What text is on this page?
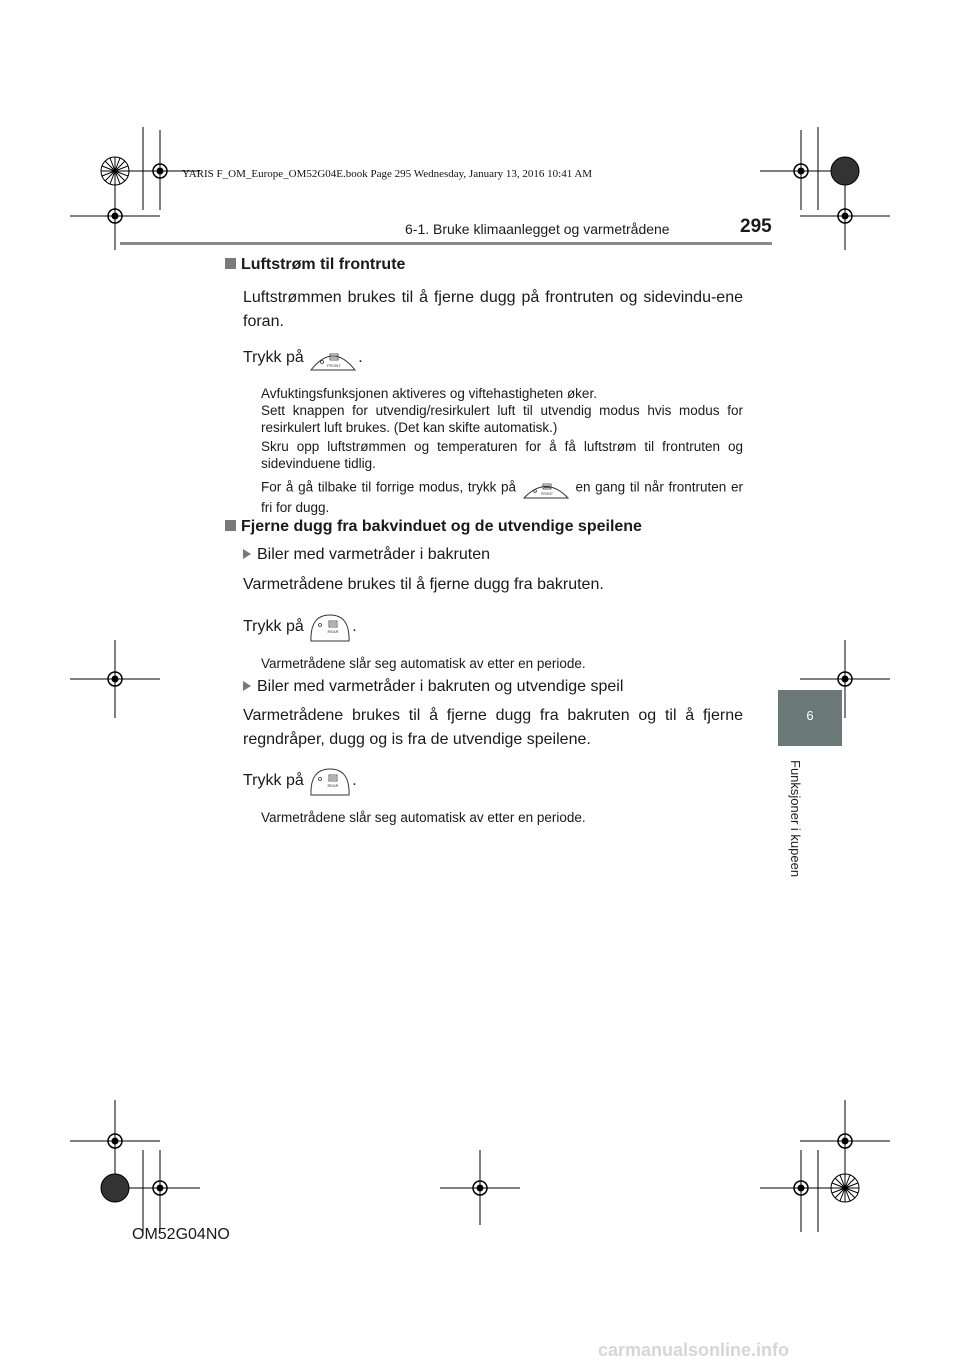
YARIS F_OM_Europe_OM52G04E.book Page 295 Wednesday, January 13, 2016 10:41 AM
6-1. Bruke klimaanlegget og varmetrådene	295
6
Funksjoner i kupeen
Luftstrøm til frontrute
Luftstrømmen brukes til å fjerne dugg på frontruten og sidevindu-ene foran.
Trykk på	FRONT .
Avfuktingsfunksjonen aktiveres og viftehastigheten øker.
Sett knappen for utvendig/resirkulert luft til utvendig modus hvis modus for resirkulert luft brukes. (Det kan skifte automatisk.)
Skru opp luftstrømmen og temperaturen for å få luftstrøm til frontruten og sidevinduene tidlig.
For å gå tilbake til forrige modus, trykk på	FRONT en gang til når frontruten er fri for dugg.
Fjerne dugg fra bakvinduet og de utvendige speilene
Biler med varmetråder i bakruten
Varmetrådene brukes til å fjerne dugg fra bakruten.
Trykk på	REAR .
Varmetrådene slår seg automatisk av etter en periode.
Biler med varmetråder i bakruten og utvendige speil
Varmetrådene brukes til å fjerne dugg fra bakruten og til å fjerne regndråper, dugg og is fra de utvendige speilene.
Trykk på	REAR .
Varmetrådene slår seg automatisk av etter en periode.
OM52G04NO
carmanualsonline.info
